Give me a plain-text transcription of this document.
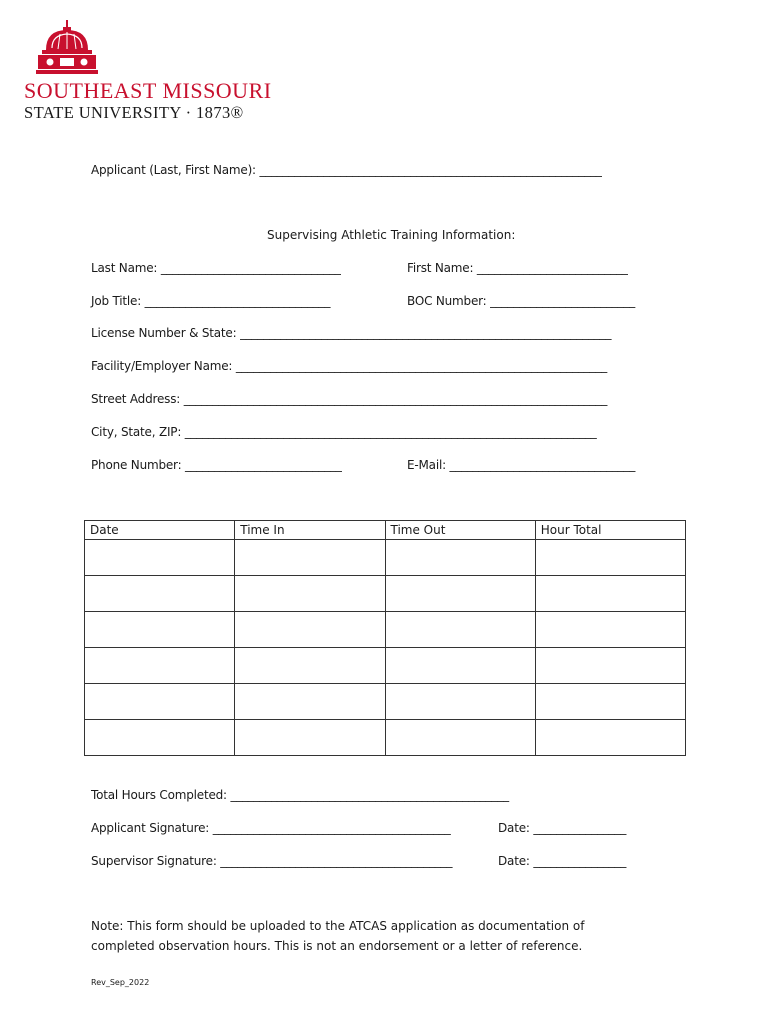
SOUTHEAST MISSOURI
STATE UNIVERSITY · 1873®
Applicant (Last, First Name): ___________________________________________________________
Supervising Athletic Training Information:
Last Name: _______________________________	First Name: __________________________
Job Title: ________________________________	BOC Number: _________________________
License Number & State: ________________________________________________________________
Facility/Employer Name: ________________________________________________________________
Street Address: _________________________________________________________________________
City, State, ZIP: _______________________________________________________________________
Phone Number: ___________________________	E-Mail: ________________________________
Date	Time In	Time Out	Hour Total

Total Hours Completed: ________________________________________________
Applicant Signature: _________________________________________	Date: ________________
Supervisor Signature: ________________________________________	Date: ________________
Note: This form should be uploaded to the ATCAS application as documentation of completed observation hours. This is not an endorsement or a letter of reference.
Rev_Sep_2022
